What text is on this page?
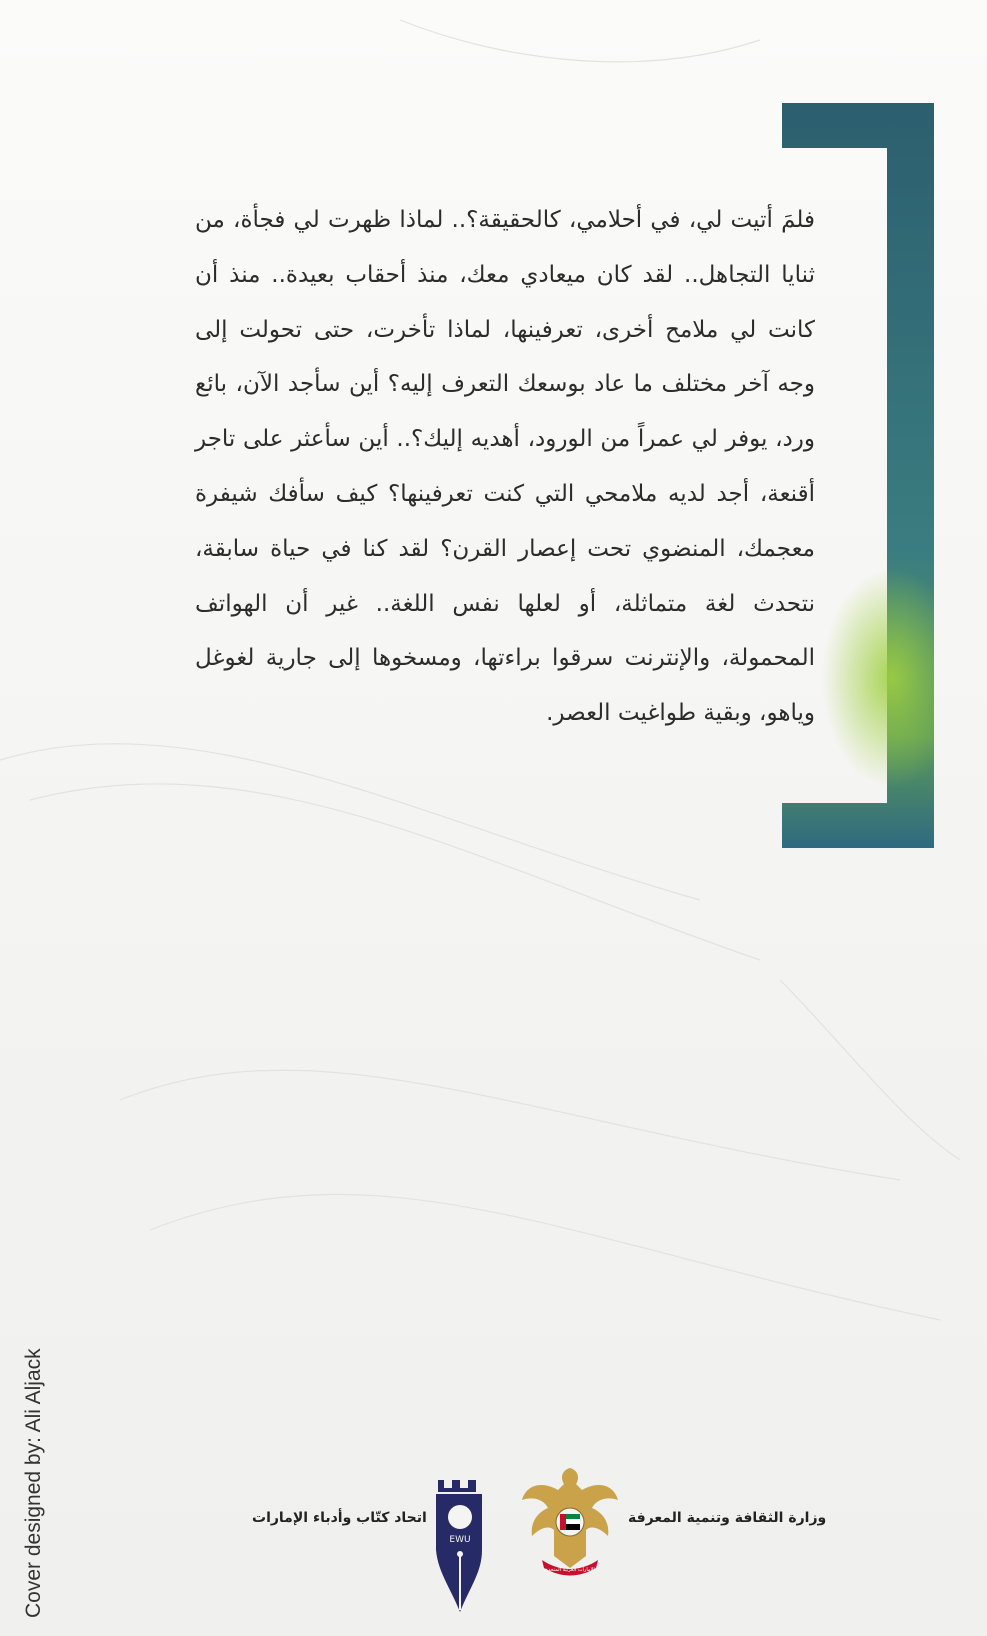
فلمَ أتيت لي، في أحلامي، كالحقيقة؟.. لماذا ظهرت لي فجأة، من ثنايا التجاهل.. لقد كان ميعادي معك، منذ أحقاب بعيدة.. منذ أن كانت لي ملامح أخرى، تعرفينها، لماذا تأخرت، حتى تحولت إلى وجه آخر مختلف ما عاد بوسعك التعرف إليه؟ أين سأجد الآن، بائع ورد، يوفر لي عمراً من الورود، أهديه إليك؟.. أين سأعثر على تاجر أقنعة، أجد لديه ملامحي التي كنت تعرفينها؟ كيف سأفك شيفرة معجمك، المنضوي تحت إعصار القرن؟ لقد كنا في حياة سابقة، نتحدث لغة متماثلة، أو لعلها نفس اللغة.. غير أن الهواتف المحمولة، والإنترنت سرقوا براءتها، ومسخوها إلى جارية لغوغل وياهو، وبقية طواغيت العصر.

Cover designed by: Ali Aljack	اتحاد كتّاب وأدباء الإمارات
EWU
الإمارات العربية المتحدة
وزارة الثقافة وتنمية المعرفة
